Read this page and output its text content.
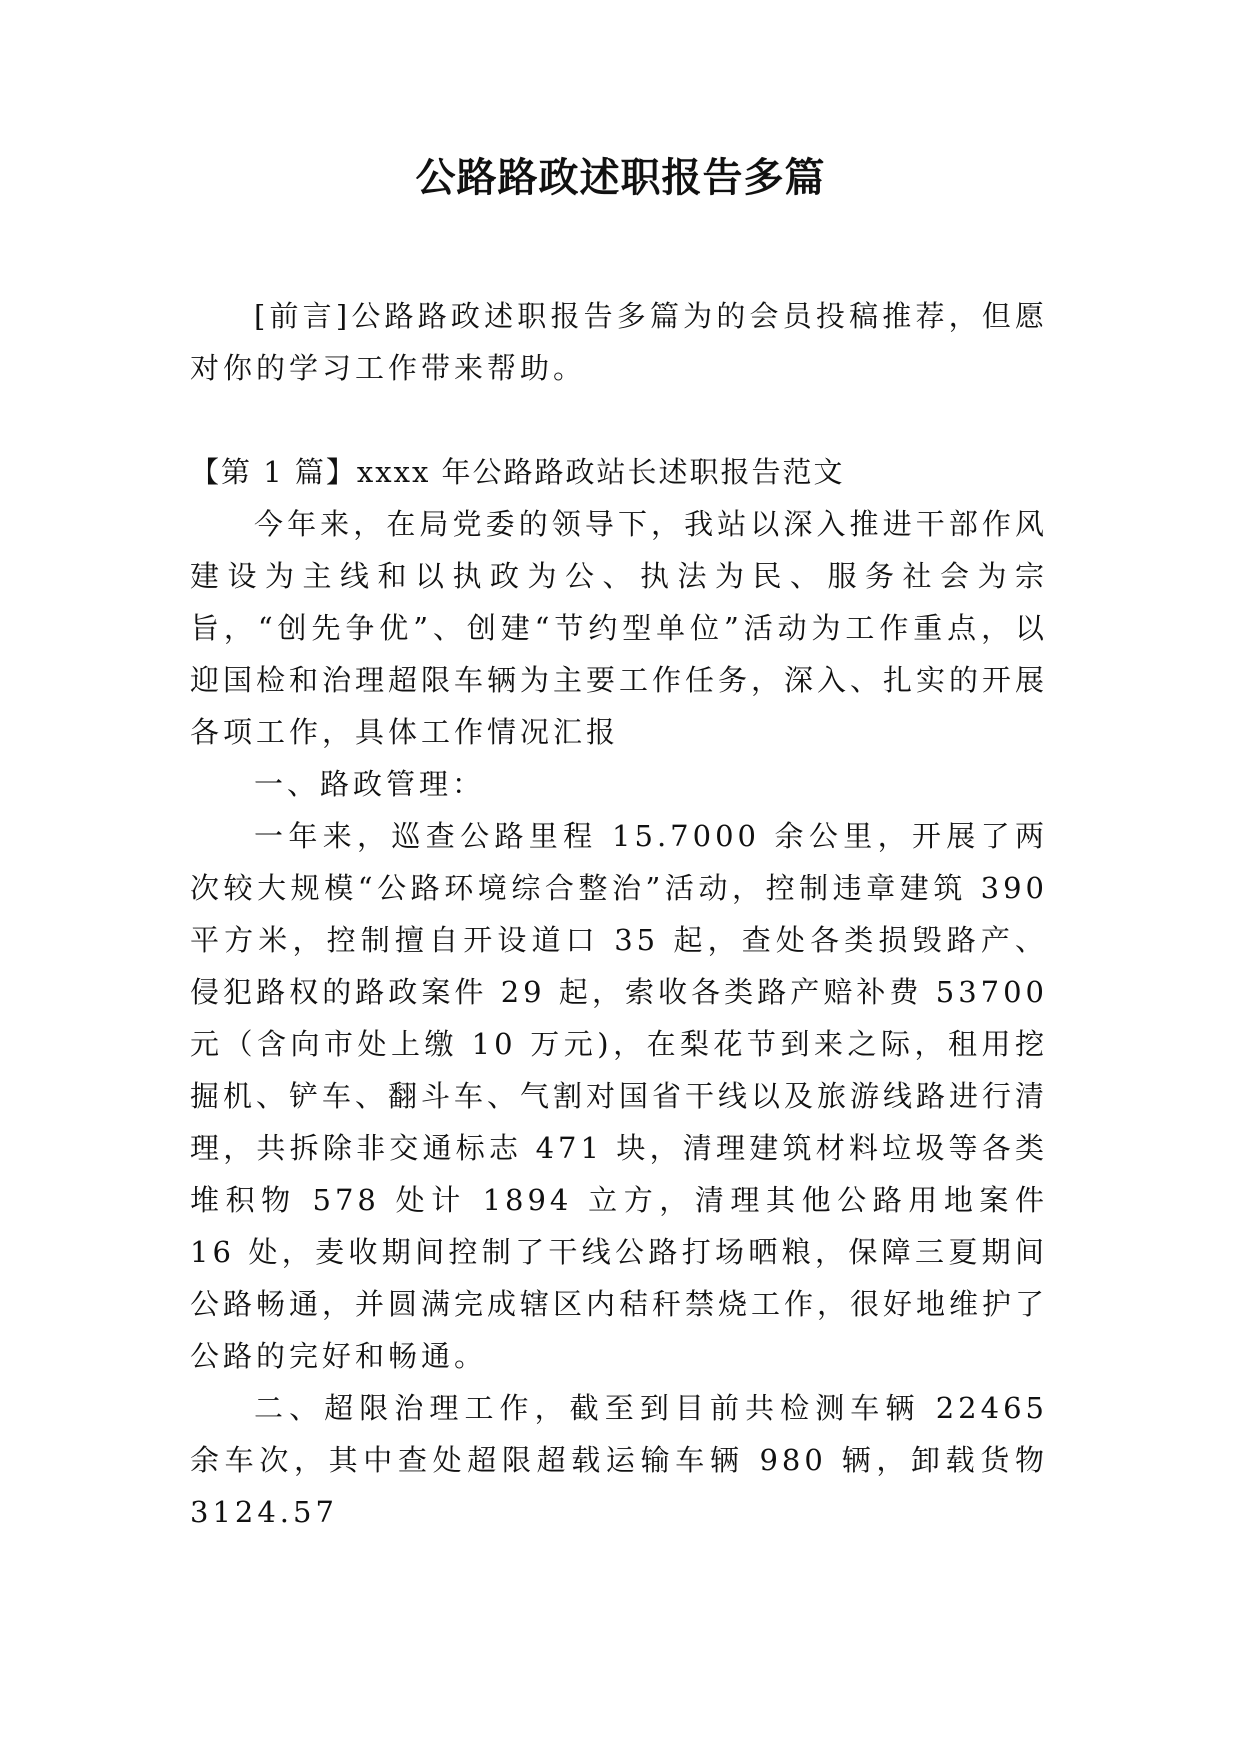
公路路政述职报告多篇

[前言]公路路政述职报告多篇为的会员投稿推荐，但愿对你的学习工作带来帮助。

【第 1 篇】xxxx 年公路路政站长述职报告范文

今年来，在局党委的领导下，我站以深入推进干部作风建设为主线和以执政为公、执法为民、服务社会为宗旨，“创先争优”、创建“节约型单位”活动为工作重点，以迎国检和治理超限车辆为主要工作任务，深入、扎实的开展各项工作，具体工作情况汇报

一、路政管理：

一年来，巡查公路里程 15.7000 余公里，开展了两次较大规模“公路环境综合整治”活动，控制违章建筑 390 平方米，控制擅自开设道口 35 起，查处各类损毁路产、侵犯路权的路政案件 29 起，索收各类路产赔补费 53700 元（含向市处上缴 10 万元)，在梨花节到来之际，租用挖掘机、铲车、翻斗车、气割对国省干线以及旅游线路进行清理，共拆除非交通标志 471 块，清理建筑材料垃圾等各类堆积物 578 处计 1894 立方，清理其他公路用地案件 16 处，麦收期间控制了干线公路打场晒粮，保障三夏期间公路畅通，并圆满完成辖区内秸秆禁烧工作，很好地维护了公路的完好和畅通。

二、超限治理工作，截至到目前共检测车辆 22465 余车次，其中查处超限超载运输车辆 980 辆，卸载货物 3124.57
